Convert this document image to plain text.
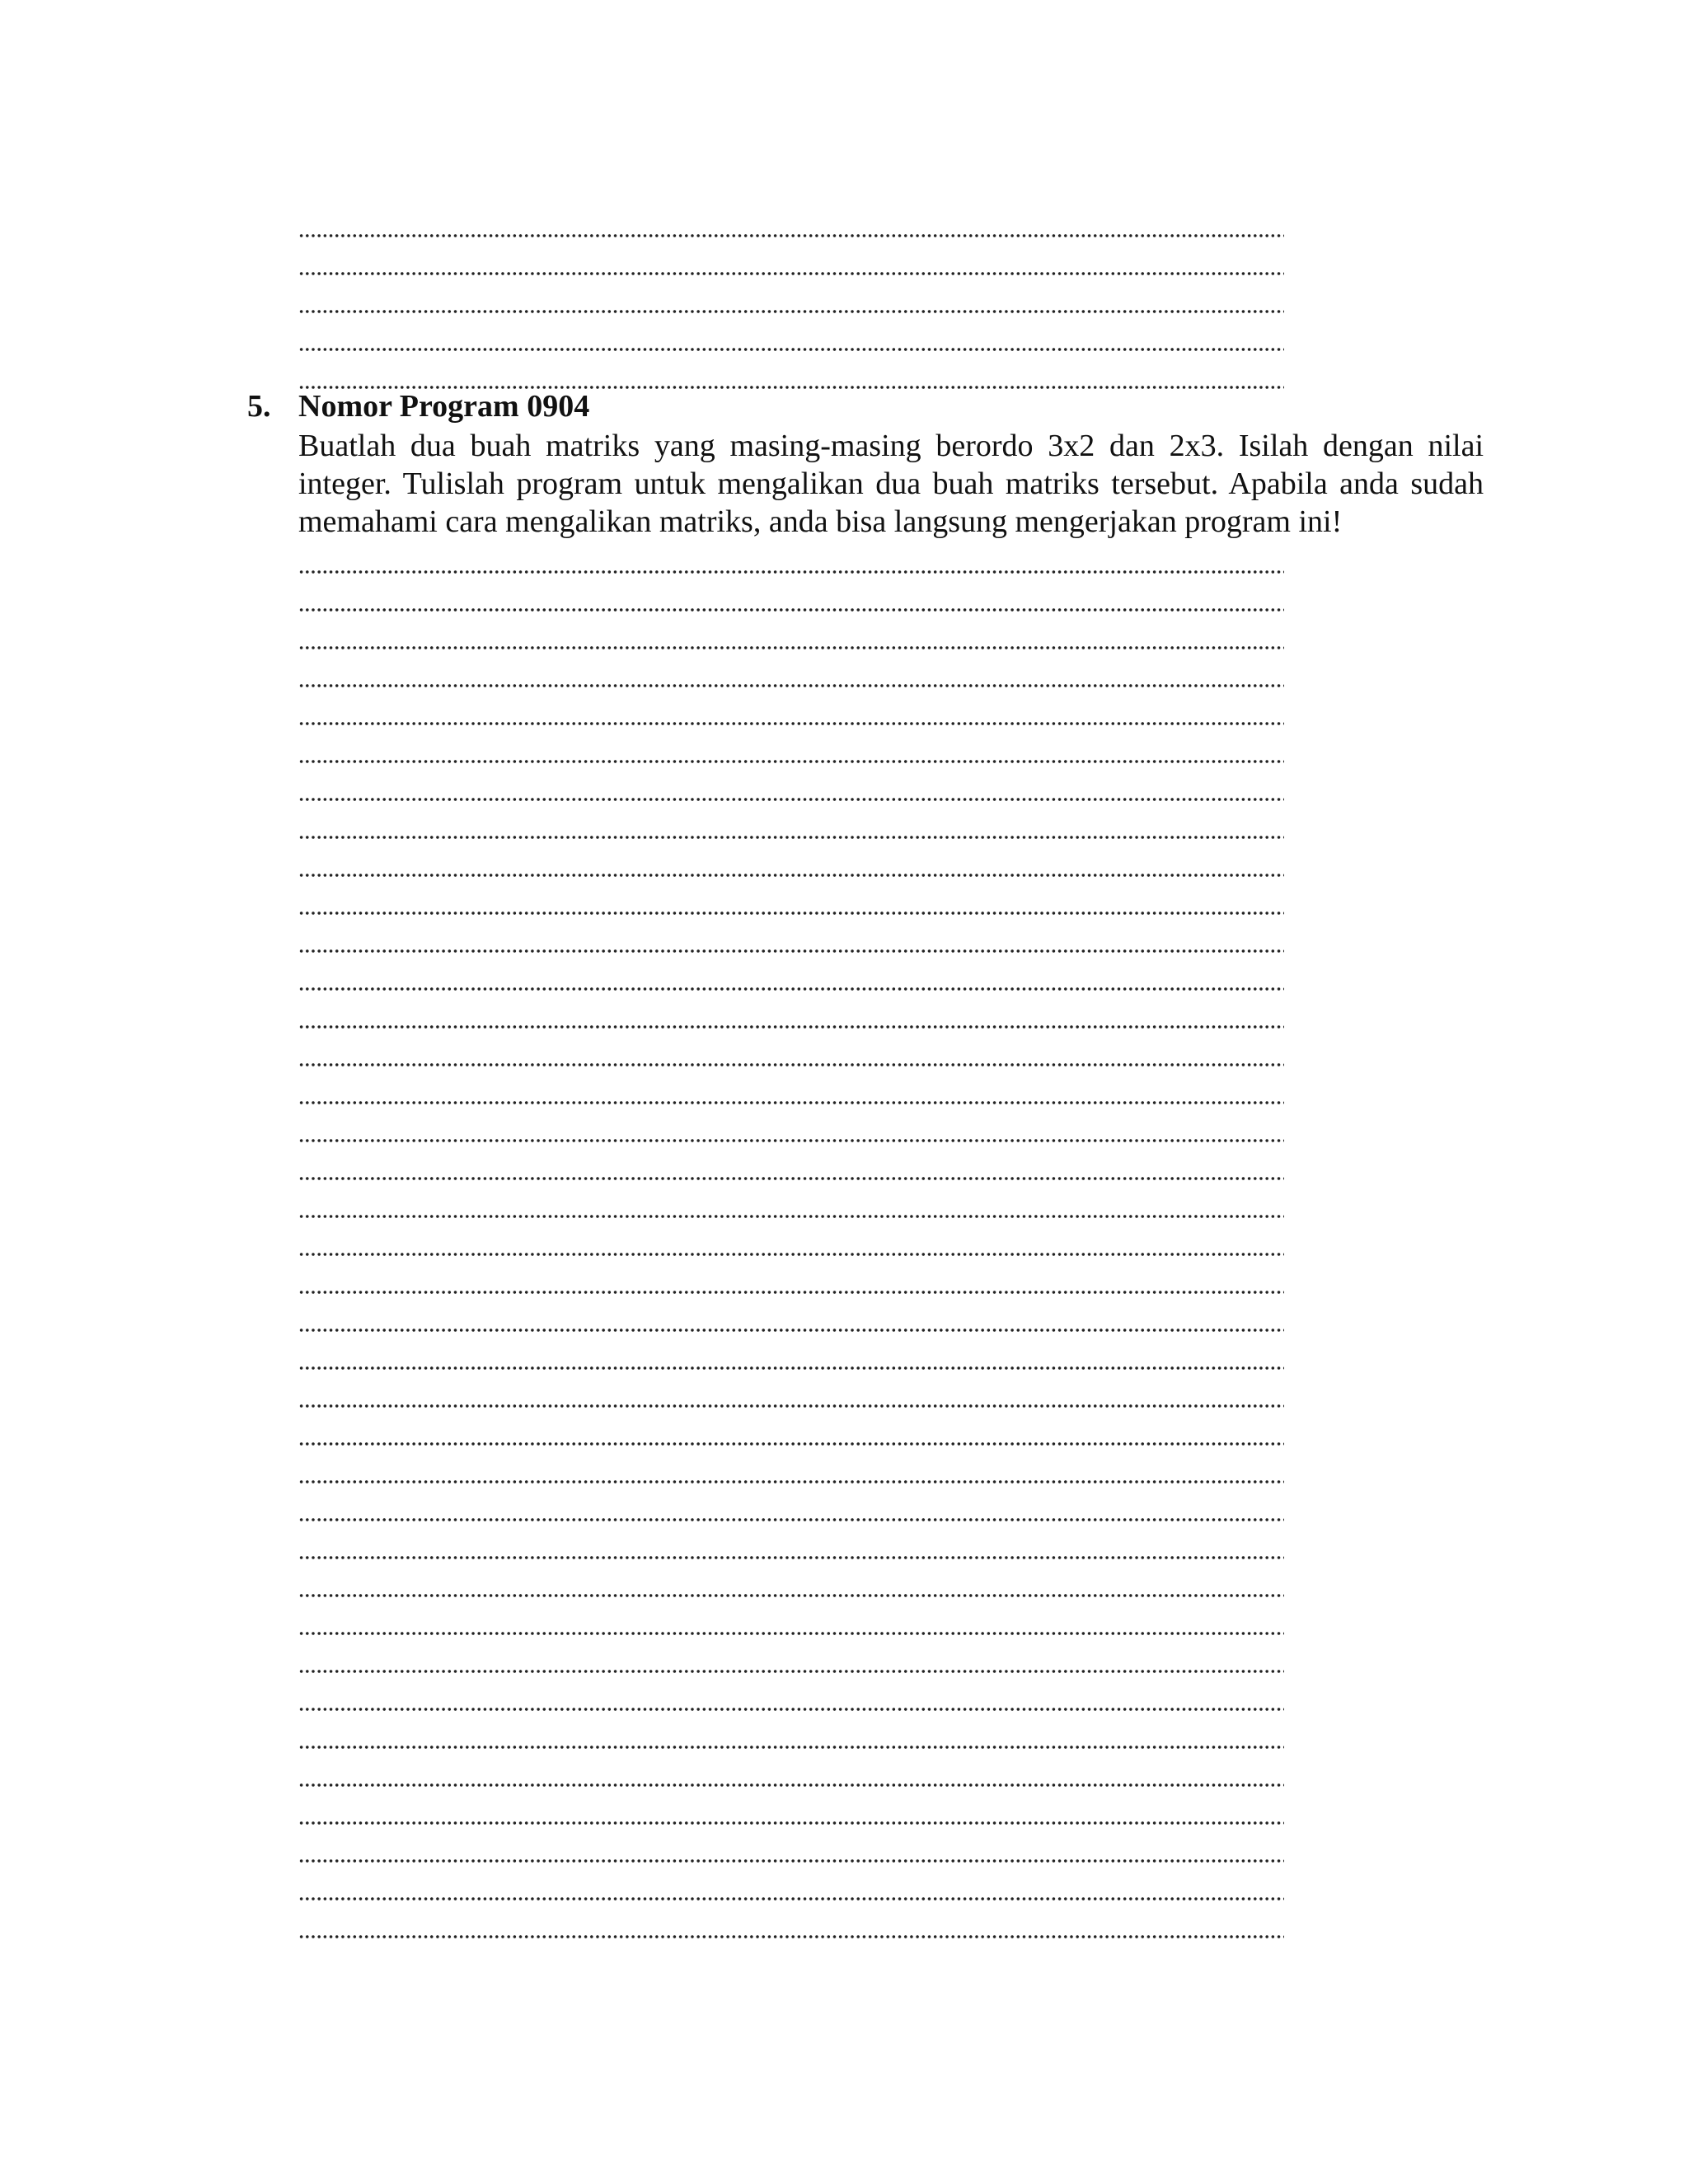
5. Nomor Program 0904
Buatlah dua buah matriks yang masing-masing berordo 3x2 dan 2x3. Isilah dengan nilai integer. Tulislah program untuk mengalikan dua buah matriks tersebut. Apabila anda sudah memahami cara mengalikan matriks, anda bisa langsung mengerjakan program ini!
